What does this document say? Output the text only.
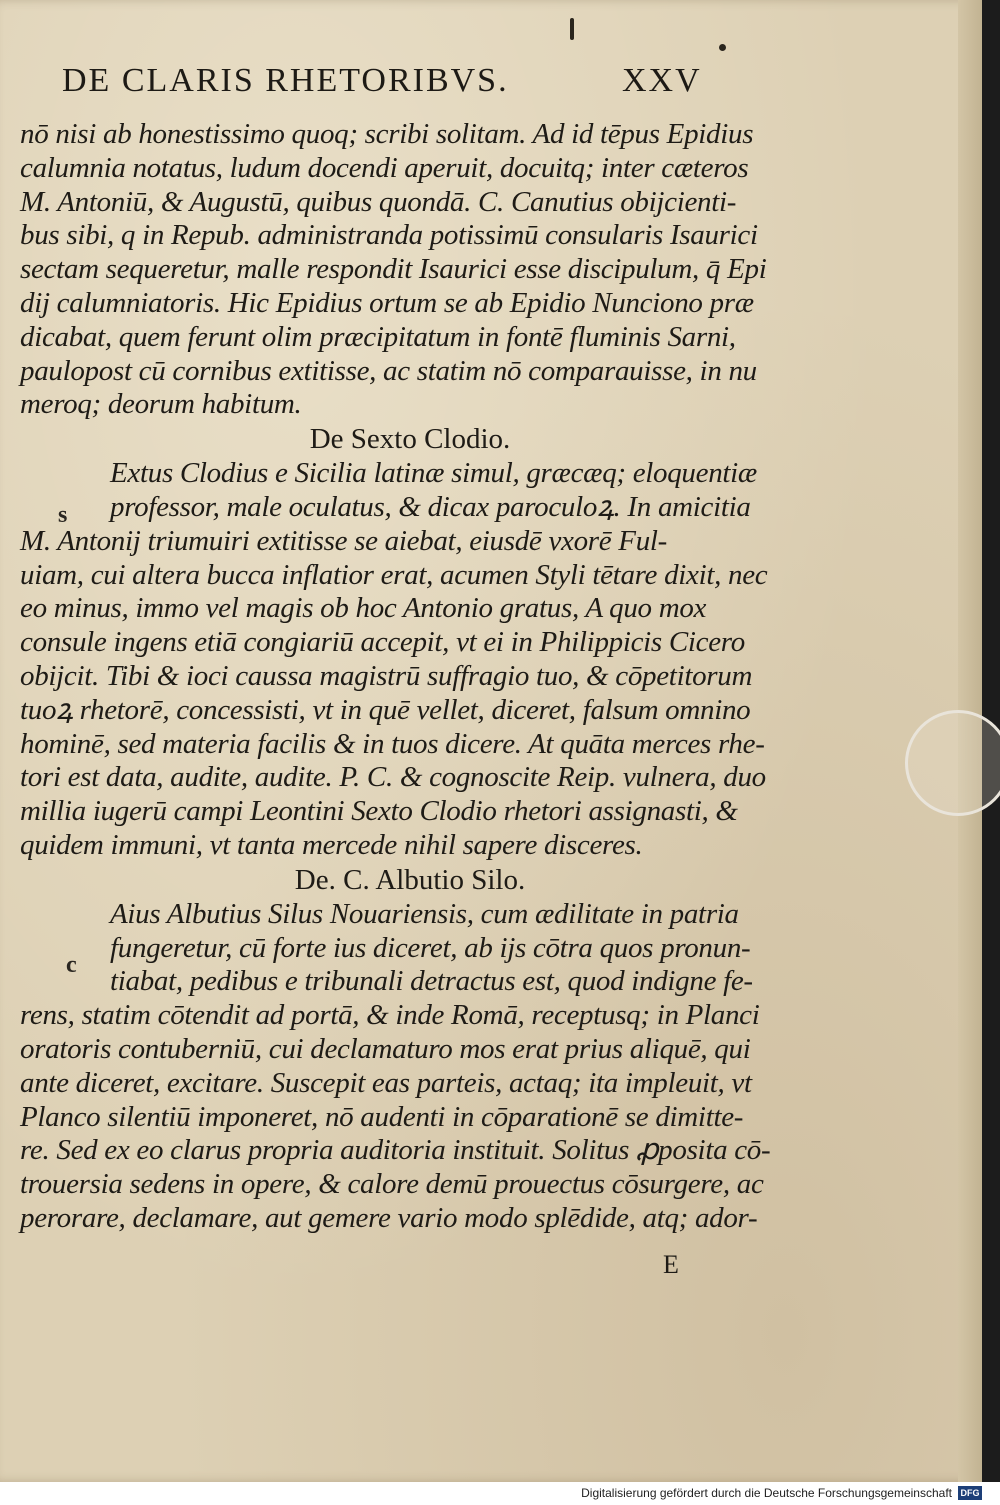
DE CLARIS RHETORIBVS.	XXV
nō nisi ab honestissimo quoq; scribi solitam. Ad id tēpus Epidius
calumnia notatus, ludum docendi aperuit, docuitq; inter cæteros
M. Antoniū, & Augustū, quibus quondā. C. Canutius obijcienti-
bus sibi, q in Repub. administranda potissimū consularis Isaurici
sectam sequeretur, malle respondit Isaurici esse discipulum, q̄ Epi
dij calumniatoris. Hic Epidius ortum se ab Epidio Nunciono præ
dicabat, quem ferunt olim præcipitatum in fontē fluminis Sarni,
paulopost cū cornibus extitisse, ac statim nō comparauisse, in nu
meroq; deorum habitum.
De Sexto Clodio.
Extus Clodius e Sicilia latinæ simul, græcæq; eloquentiæ
professor, male oculatus, & dicax paroculoꝝ. In amicitia
M. Antonij triumuiri extitisse se aiebat, eiusdē vxorē Ful-
uiam, cui altera bucca inflatior erat, acumen Styli tētare dixit, nec
eo minus, immo vel magis ob hoc Antonio gratus, A quo mox
consule ingens etiā congiariū accepit, vt ei in Philippicis Cicero
obijcit. Tibi & ioci caussa magistrū suffragio tuo, & cōpetitorum
tuoꝝ rhetorē, concessisti, vt in quē vellet, diceret, falsum omnino
hominē, sed materia facilis & in tuos dicere. At quāta merces rhe-
tori est data, audite, audite. P. C. & cognoscite Reip. vulnera, duo
millia iugerū campi Leontini Sexto Clodio rhetori assignasti, &
quidem immuni, vt tanta mercede nihil sapere disceres.
De. C. Albutio Silo.
Aius Albutius Silus Nouariensis, cum ædilitate in patria
fungeretur, cū forte ius diceret, ab ijs cōtra quos pronun-
tiabat, pedibus e tribunali detractus est, quod indigne fe-
rens, statim cōtendit ad portā, & inde Romā, receptusq; in Planci
oratoris contuberniū, cui declamaturo mos erat prius aliquē, qui
ante diceret, excitare. Suscepit eas parteis, actaq; ita impleuit, vt
Planco silentiū imponeret, nō audenti in cōparationē se dimitte-
re. Sed ex eo clarus propria auditoria instituit. Solitus ꝓposita cō-
trouersia sedens in opere, & calore demū prouectus cōsurgere, ac
perorare, declamare, aut gemere vario modo splēdide, atq; ador-
s
c
E
Digitalisierung gefördert durch die Deutsche Forschungsgemeinschaft DFG
